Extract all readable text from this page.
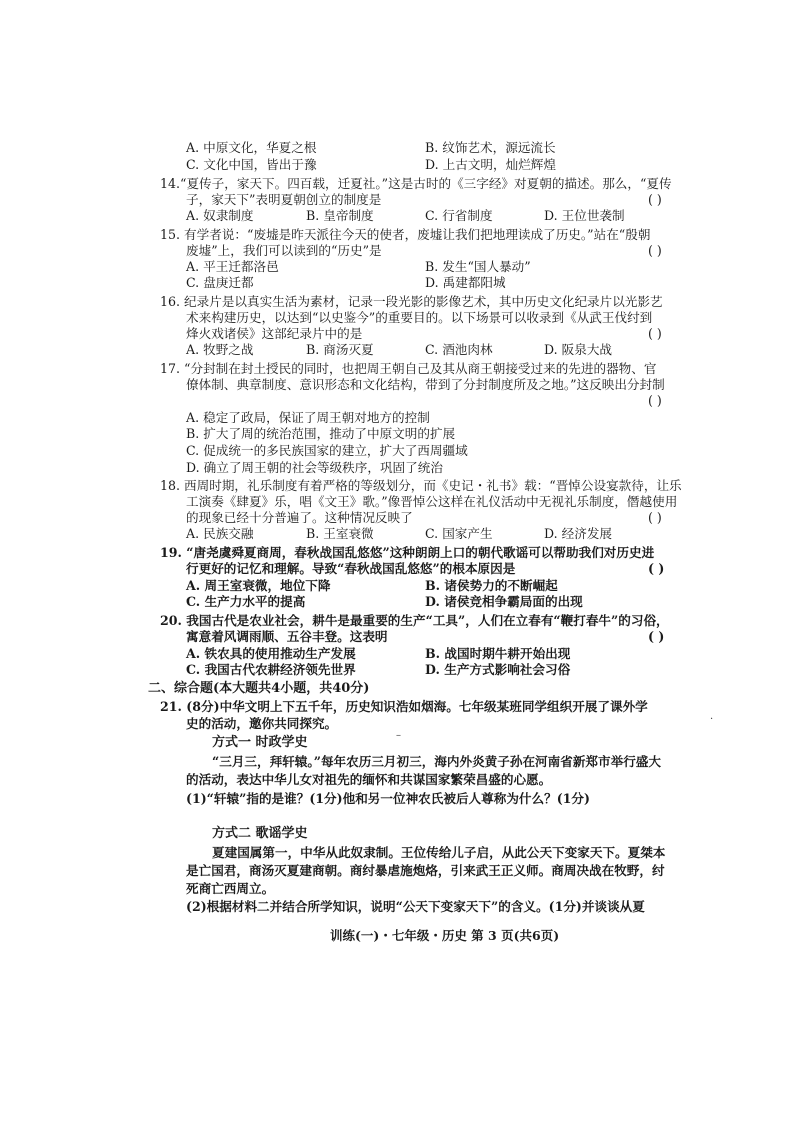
A. 中原文化，华夏之根	B. 纹饰艺术，源远流长
C. 文化中国，皆出于豫	D. 上古文明，灿烂辉煌
14.“夏传子，家天下。四百载，迁夏社。”这是古时的《三字经》对夏朝的描述。那么，“夏传
子，家天下”表明夏朝创立的制度是	( )
A. 奴隶制度	B. 皇帝制度	C. 行省制度	D. 王位世袭制
15. 有学者说：“废墟是昨天派往今天的使者，废墟让我们把地理读成了历史。”站在“殷朝
废墟”上，我们可以读到的“历史”是	( )
A. 平王迁都洛邑	B. 发生“国人暴动”
C. 盘庚迁都	D. 禹建都阳城
16. 纪录片是以真实生活为素材，记录一段光影的影像艺术，其中历史文化纪录片以光影艺
术来构建历史，以达到“以史鉴今”的重要目的。以下场景可以收录到《从武王伐纣到
烽火戏诸侯》这部纪录片中的是	( )
A. 牧野之战	B. 商汤灭夏	C. 酒池肉林	D. 阪泉大战
17. “分封制在封土授民的同时，也把周王朝自己及其从商王朝接受过来的先进的器物、官
僚体制、典章制度、意识形态和文化结构，带到了分封制度所及之地。”这反映出分封制
( )
A. 稳定了政局，保证了周王朝对地方的控制
B. 扩大了周的统治范围，推动了中原文明的扩展
C. 促成统一的多民族国家的建立，扩大了西周疆域
D. 确立了周王朝的社会等级秩序，巩固了统治
18. 西周时期，礼乐制度有着严格的等级划分，而《史记・礼书》载：“晋悼公设宴款待，让乐
工演奏《肆夏》乐，唱《文王》歌。”像晋悼公这样在礼仪活动中无视礼乐制度，僭越使用
的现象已经十分普遍了。这种情况反映了	( )
A. 民族交融	B. 王室衰微	C. 国家产生	D. 经济发展
19. “唐尧虞舜夏商周，春秋战国乱悠悠”这种朗朗上口的朝代歌谣可以帮助我们对历史进
行更好的记忆和理解。导致“春秋战国乱悠悠”的根本原因是	( )
A. 周王室衰微，地位下降	B. 诸侯势力的不断崛起
C. 生产力水平的提高	D. 诸侯竞相争霸局面的出现
20. 我国古代是农业社会，耕牛是最重要的生产“工具”，人们在立春有“鞭打春牛”的习俗，
寓意着风调雨顺、五谷丰登。这表明	( )
A. 铁农具的使用推动生产发展	B. 战国时期牛耕开始出现
C. 我国古代农耕经济领先世界	D. 生产方式影响社会习俗
二、综合题(本大题共4小题，共40分)
21. (8分)中华文明上下五千年，历史知识浩如烟海。七年级某班同学组织开展了课外学
史的活动，邀你共同探究。
方式一 时政学史
“三月三，拜轩辕。”每年农历三月初三，海内外炎黄子孙在河南省新郑市举行盛大
的活动，表达中华儿女对祖先的缅怀和共谋国家繁荣昌盛的心愿。
(1)“轩辕”指的是谁？(1分)他和另一位神农氏被后人尊称为什么？(1分)
方式二 歌谣学史
夏建国属第一，中华从此奴隶制。王位传给儿子启，从此公天下变家天下。夏桀本
是亡国君，商汤灭夏建商朝。商纣暴虐施炮烙，引来武王正义师。商周决战在牧野，纣
死商亡西周立。
(2)根据材料二并结合所学知识，说明“公天下变家天下”的含义。(1分)并谈谈从夏
训练(一)・七年级・历史 第 3 页(共6页)
·
–
